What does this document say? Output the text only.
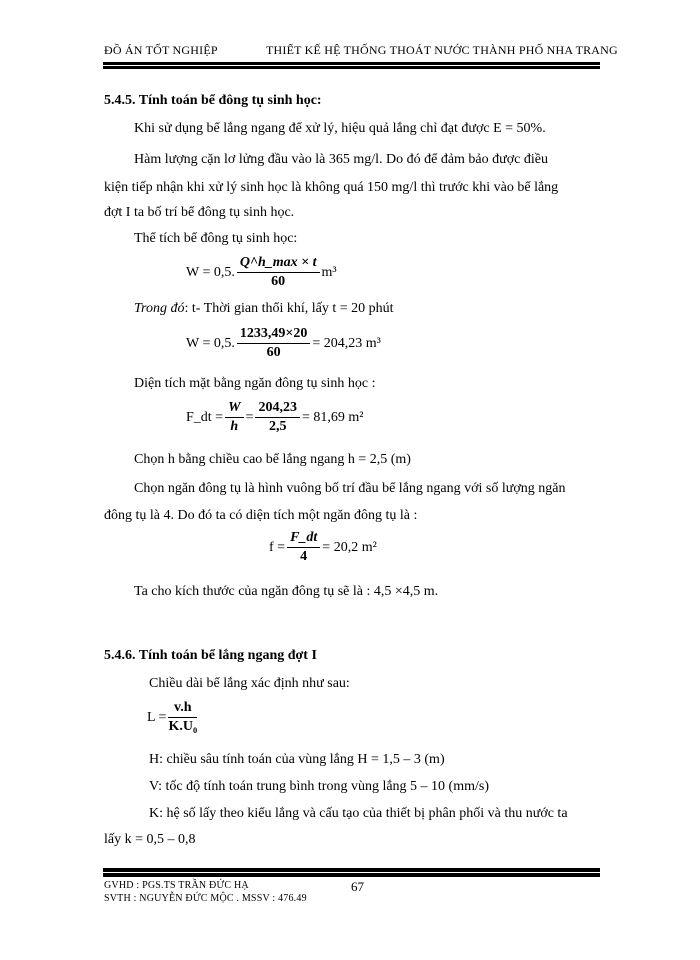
ĐỒ ÁN TỐT NGHIỆP	THIẾT KẾ HỆ THỐNG THOÁT NƯỚC THÀNH PHỐ NHA TRANG
5.4.5. Tính toán bể đông tụ sinh học:
Khi sử dụng bể lắng ngang để xử lý, hiệu quả lắng chỉ đạt được E = 50%.
Hàm lượng cặn lơ lửng đầu vào là 365 mg/l. Do đó để đảm bảo được điều
kiện tiếp nhận khi xử lý sinh học là không quá 150 mg/l thì trước khi vào bể lắng
đợt I ta bố trí bể đông tụ sinh học.
Thể tích bể đông tụ sinh học:
W = 0,5. $\frac{Q\^{}h\_\max \times t}{60} m^3$
Trong đó: t- Thời gian thổi khí, lấy t = 20 phút
W = 0,5. $\frac{1233,49\times 20}{60} = 204,23$ m³
Diện tích mặt bằng ngăn đông tụ sinh học :
F_dt = $\frac{W}{h} = \frac{204,23}{2,5} = 81,69$ m²
Chọn h bằng chiều cao bể lắng ngang h = 2,5 (m)
Chọn ngăn đông tụ là hình vuông bố trí đầu bể lắng ngang với số lượng ngăn
đông tụ là 4. Do đó ta có diện tích một ngăn đông tụ là :
$f = \frac{F\_dt}{4} = 20,2$ m²
Ta cho kích thước của ngăn đông tụ sẽ là : 4,5 ×4,5 m.
5.4.6. Tính toán bể lắng ngang đợt I
Chiều dài bể lắng xác định như sau:
$L = \frac{v.h}{\text{K.U₀}}$
H: chiều sâu tính toán của vùng lắng H = 1,5 – 3 (m)
V: tốc độ tính toán trung bình trong vùng lắng 5 – 10 (mm/s)
K: hệ số lấy theo kiểu lắng và cấu tạo của thiết bị phân phối và thu nước ta
lấy k = 0,5 – 0,8
GVHD : PGS.TS TRẦN ĐỨC HẠ
SVTH : NGUYỄN ĐỨC MỘC . MSSV : 476.49
67
